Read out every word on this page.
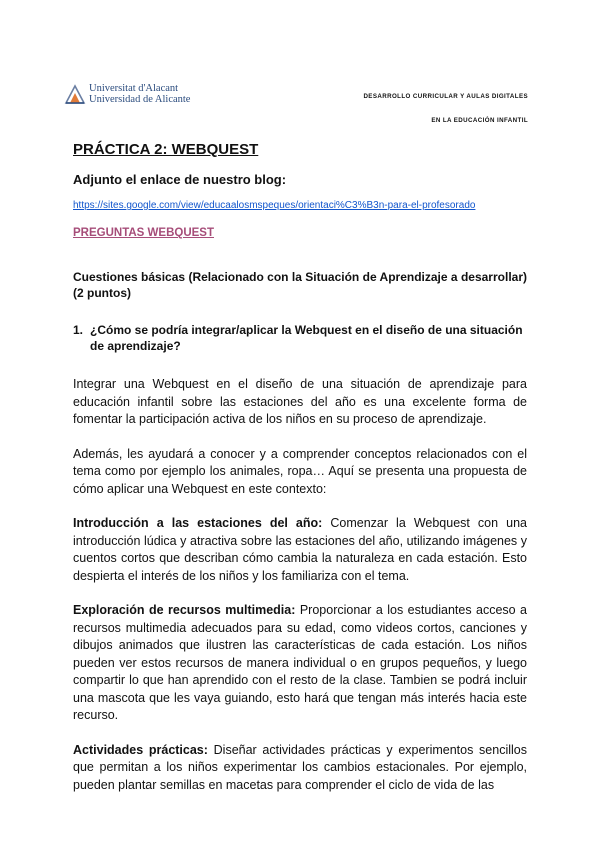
Universitat d'Alacant
Universidad de Alicante	DESARROLLO CURRICULAR Y AULAS DIGITALES
EN LA EDUCACIÓN INFANTIL
PRÁCTICA 2: WEBQUEST
Adjunto el enlace de nuestro blog:
https://sites.google.com/view/educaalosmspeques/orientaci%C3%B3n-para-el-profesorado
PREGUNTAS WEBQUEST
Cuestiones básicas (Relacionado con la Situación de Aprendizaje a desarrollar) (2 puntos)
1. ¿Cómo se podría integrar/aplicar la Webquest en el diseño de una situación de aprendizaje?

Integrar una Webquest en el diseño de una situación de aprendizaje para educación infantil sobre las estaciones del año es una excelente forma de fomentar la participación activa de los niños en su proceso de aprendizaje.

Además, les ayudará a conocer y a comprender conceptos relacionados con el tema como por ejemplo los animales, ropa… Aquí se presenta una propuesta de cómo aplicar una Webquest en este contexto:

Introducción a las estaciones del año: Comenzar la Webquest con una introducción lúdica y atractiva sobre las estaciones del año, utilizando imágenes y cuentos cortos que describan cómo cambia la naturaleza en cada estación. Esto despierta el interés de los niños y los familiariza con el tema.

Exploración de recursos multimedia: Proporcionar a los estudiantes acceso a recursos multimedia adecuados para su edad, como videos cortos, canciones y dibujos animados que ilustren las características de cada estación. Los niños pueden ver estos recursos de manera individual o en grupos pequeños, y luego compartir lo que han aprendido con el resto de la clase. Tambien se podrá incluir una mascota que les vaya guiando, esto hará que tengan más interés hacia este recurso.

Actividades prácticas: Diseñar actividades prácticas y experimentos sencillos que permitan a los niños experimentar los cambios estacionales. Por ejemplo, pueden plantar semillas en macetas para comprender el ciclo de vida de las
